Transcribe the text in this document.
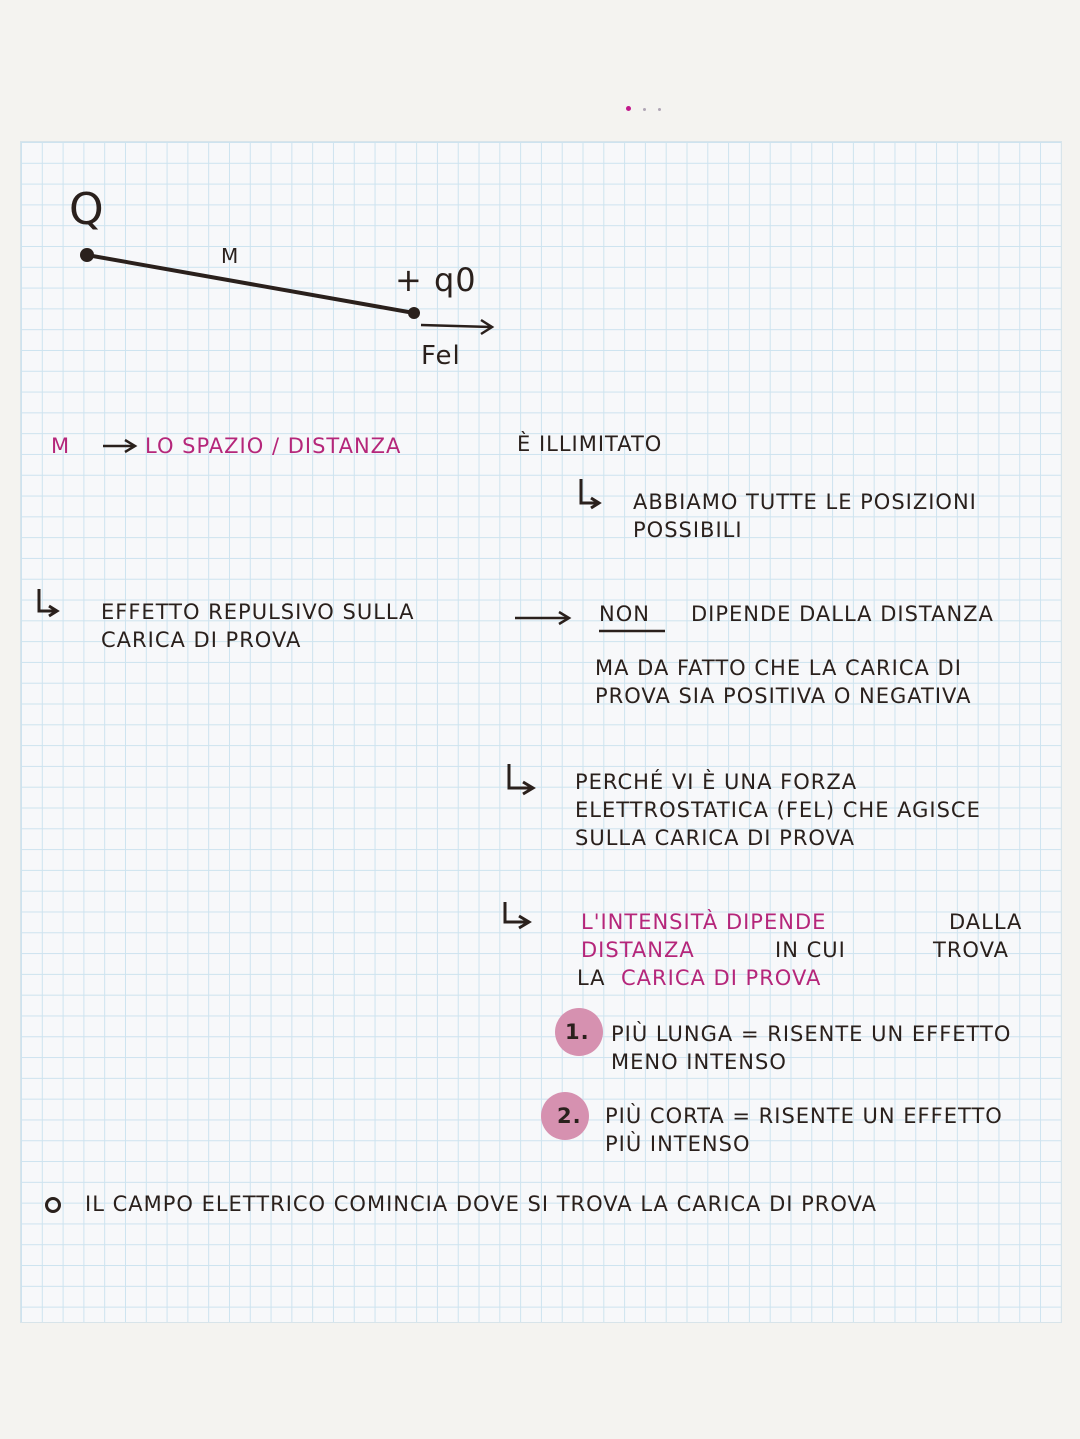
Q
M
+ q0
Fel
M	LO SPAZIO / DISTANZA	È ILLIMITATO
ABBIAMO TUTTE LE POSIZIONI POSSIBILI
EFFETTO REPULSIVO SULLA CARICA DI PROVA
NON DIPENDE DALLA DISTANZA
MA DA FATTO CHE LA CARICA DI PROVA SIA POSITIVA O NEGATIVA
PERCHÉ VI È UNA FORZA ELETTROSTATICA (FEL) CHE AGISCE SULLA CARICA DI PROVA
L'INTENSITÀ DIPENDE	DALLA
DISTANZA	IN CUI	TROVA
LA CARICA DI PROVA
1. PIÙ LUNGA = RISENTE UN EFFETTO MENO INTENSO
2. PIÙ CORTA = RISENTE UN EFFETTO PIÙ INTENSO
IL CAMPO ELETTRICO COMINCIA DOVE SI TROVA LA CARICA DI PROVA
